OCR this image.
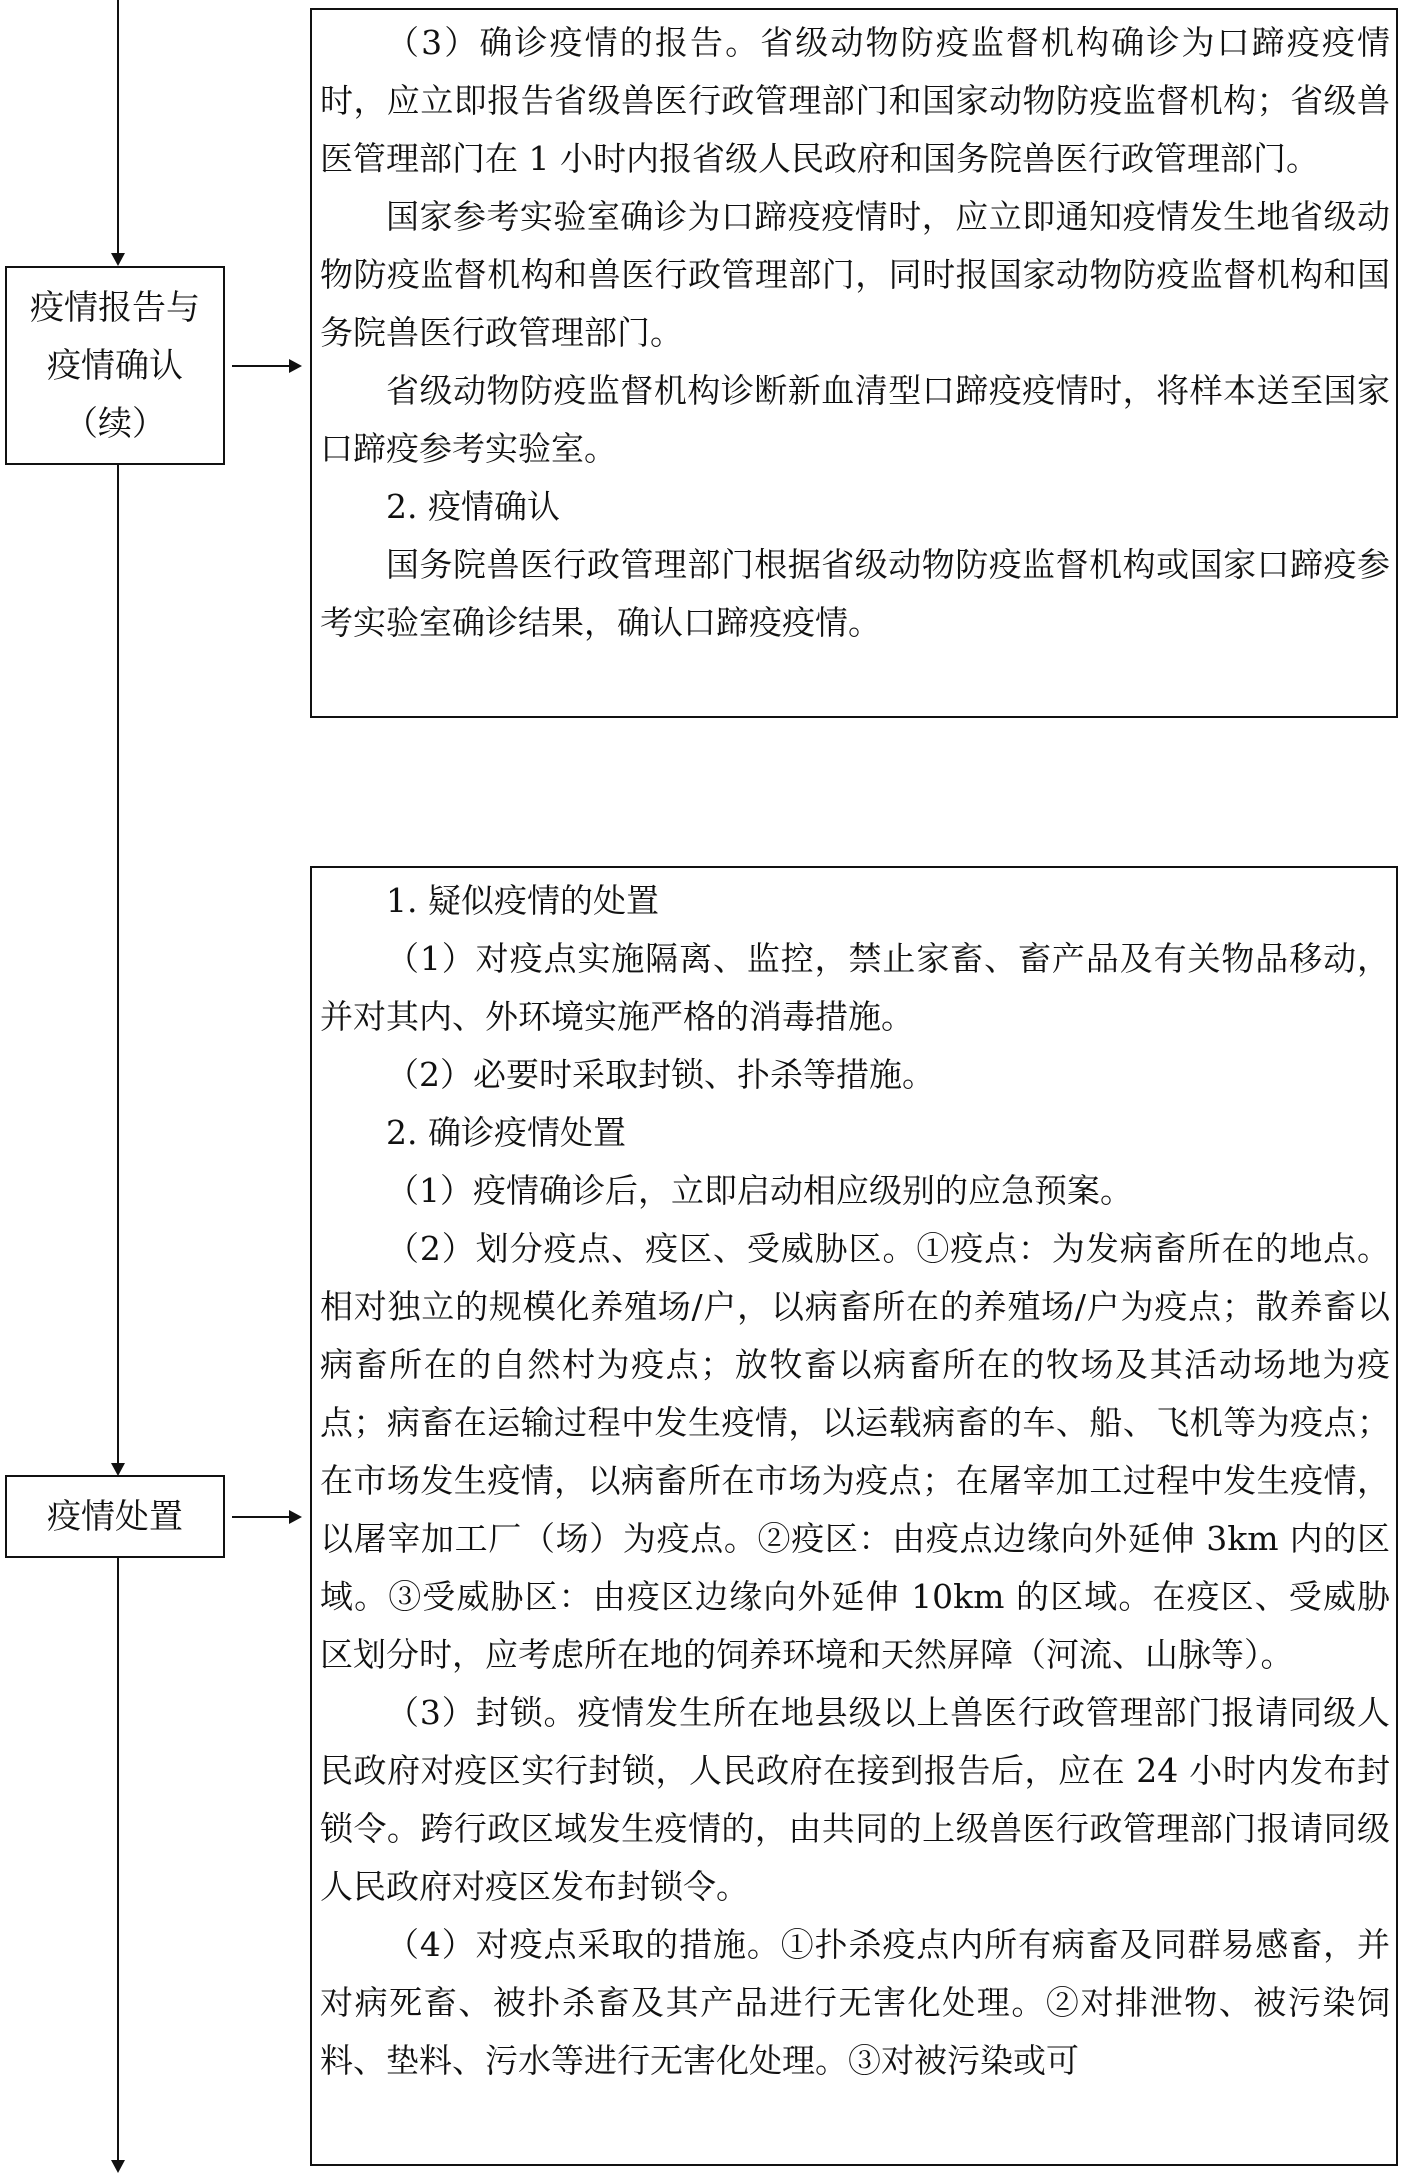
疫情报告与
疫情确认
（续）

（3）确诊疫情的报告。省级动物防疫监督机构确诊为口蹄疫疫情时，应立即报告省级兽医行政管理部门和国家动物防疫监督机构；省级兽医管理部门在 1 小时内报省级人民政府和国务院兽医行政管理部门。

国家参考实验室确诊为口蹄疫疫情时，应立即通知疫情发生地省级动物防疫监督机构和兽医行政管理部门，同时报国家动物防疫监督机构和国务院兽医行政管理部门。

省级动物防疫监督机构诊断新血清型口蹄疫疫情时，将样本送至国家口蹄疫参考实验室。

2. 疫情确认

国务院兽医行政管理部门根据省级动物防疫监督机构或国家口蹄疫参考实验室确诊结果，确认口蹄疫疫情。

疫情处置

1. 疑似疫情的处置

（1）对疫点实施隔离、监控，禁止家畜、畜产品及有关物品移动，并对其内、外环境实施严格的消毒措施。

（2）必要时采取封锁、扑杀等措施。

2. 确诊疫情处置

（1）疫情确诊后，立即启动相应级别的应急预案。

（2）划分疫点、疫区、受威胁区。①疫点：为发病畜所在的地点。相对独立的规模化养殖场/户，以病畜所在的养殖场/户为疫点；散养畜以病畜所在的自然村为疫点；放牧畜以病畜所在的牧场及其活动场地为疫点；病畜在运输过程中发生疫情，以运载病畜的车、船、飞机等为疫点；在市场发生疫情，以病畜所在市场为疫点；在屠宰加工过程中发生疫情，以屠宰加工厂（场）为疫点。②疫区：由疫点边缘向外延伸 3km 内的区域。③受威胁区：由疫区边缘向外延伸 10km 的区域。在疫区、受威胁区划分时，应考虑所在地的饲养环境和天然屏障（河流、山脉等）。

（3）封锁。疫情发生所在地县级以上兽医行政管理部门报请同级人民政府对疫区实行封锁，人民政府在接到报告后，应在 24 小时内发布封锁令。跨行政区域发生疫情的，由共同的上级兽医行政管理部门报请同级人民政府对疫区发布封锁令。

（4）对疫点采取的措施。①扑杀疫点内所有病畜及同群易感畜，并对病死畜、被扑杀畜及其产品进行无害化处理。②对排泄物、被污染饲料、垫料、污水等进行无害化处理。③对被污染或可
